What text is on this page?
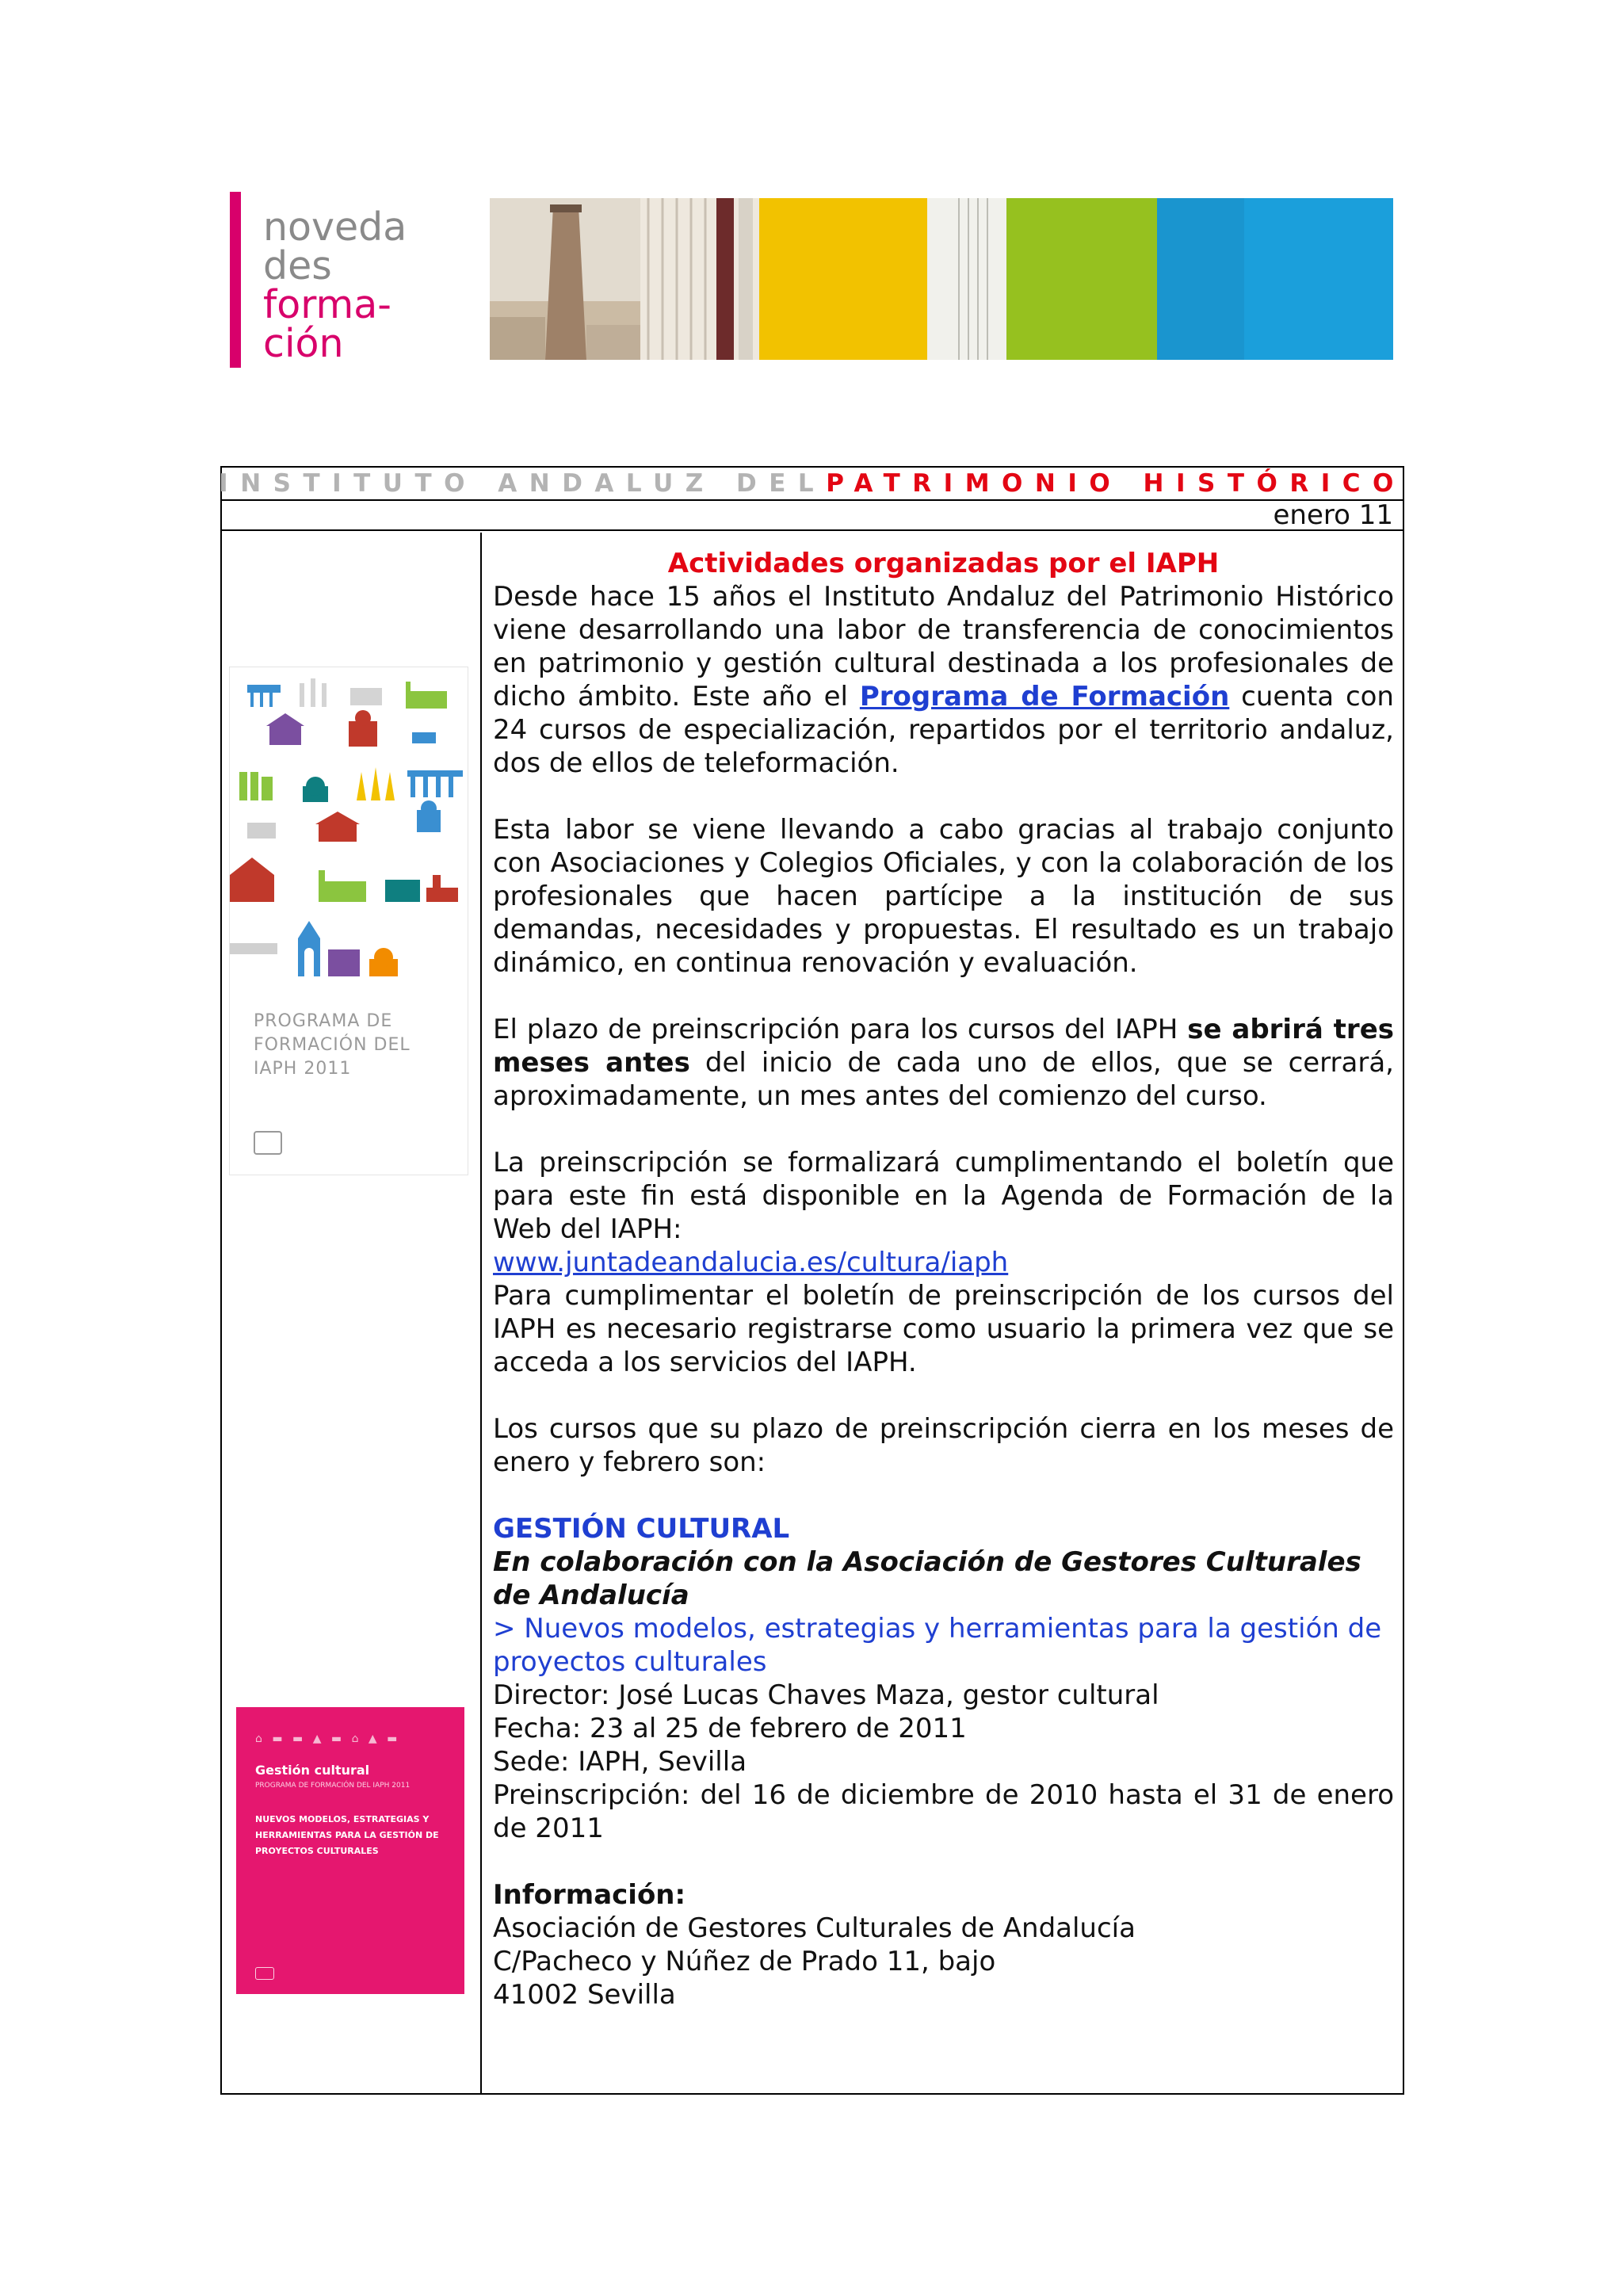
noveda
des
forma-
ción
INSTITUTO ANDALUZ DEL PATRIMONIO HISTÓRICO
enero 11
PROGRAMA DE
FORMACIÓN DEL
IAPH 2011
⌂ ▬ ▬ ▲ ▬ ⌂ ▲ ▬
Gestión cultural
PROGRAMA DE FORMACIÓN DEL IAPH 2011
NUEVOS MODELOS, ESTRATEGIAS Y HERRAMIENTAS PARA LA GESTIÓN DE PROYECTOS CULTURALES

Actividades organizadas por el IAPH

Desde hace 15 años el Instituto Andaluz del Patrimonio Histórico viene desarrollando una labor de transferencia de conocimientos en patrimonio y gestión cultural destinada a los profesionales de dicho ámbito. Este año el Programa de Formación cuenta con 24 cursos de especialización, repartidos por el territorio andaluz, dos de ellos de teleformación.

Esta labor se viene llevando a cabo gracias al trabajo conjunto con Asociaciones y Colegios Oficiales, y con la colaboración de los profesionales que hacen partícipe a la institución de sus demandas, necesidades y propuestas. El resultado es un trabajo dinámico, en continua renovación y evaluación.

El plazo de preinscripción para los cursos del IAPH se abrirá tres meses antes del inicio de cada uno de ellos, que se cerrará, aproximadamente, un mes antes del comienzo del curso.

La preinscripción se formalizará cumplimentando el boletín que para este fin está disponible en la Agenda de Formación de la Web del IAPH:

www.juntadeandalucia.es/cultura/iaph

Para cumplimentar el boletín de preinscripción de los cursos del IAPH es necesario registrarse como usuario la primera vez que se acceda a los servicios del IAPH.

Los cursos que su plazo de preinscripción cierra en los meses de enero y febrero son:

GESTIÓN CULTURAL

En colaboración con la Asociación de Gestores Culturales de Andalucía

> Nuevos modelos, estrategias y herramientas para la gestión de proyectos culturales

Director: José Lucas Chaves Maza, gestor cultural

Fecha: 23 al 25 de febrero de 2011

Sede: IAPH, Sevilla

Preinscripción: del 16 de diciembre de 2010 hasta el 31 de enero de 2011

Información:

Asociación de Gestores Culturales de Andalucía

C/Pacheco y Núñez de Prado 11, bajo

41002 Sevilla
